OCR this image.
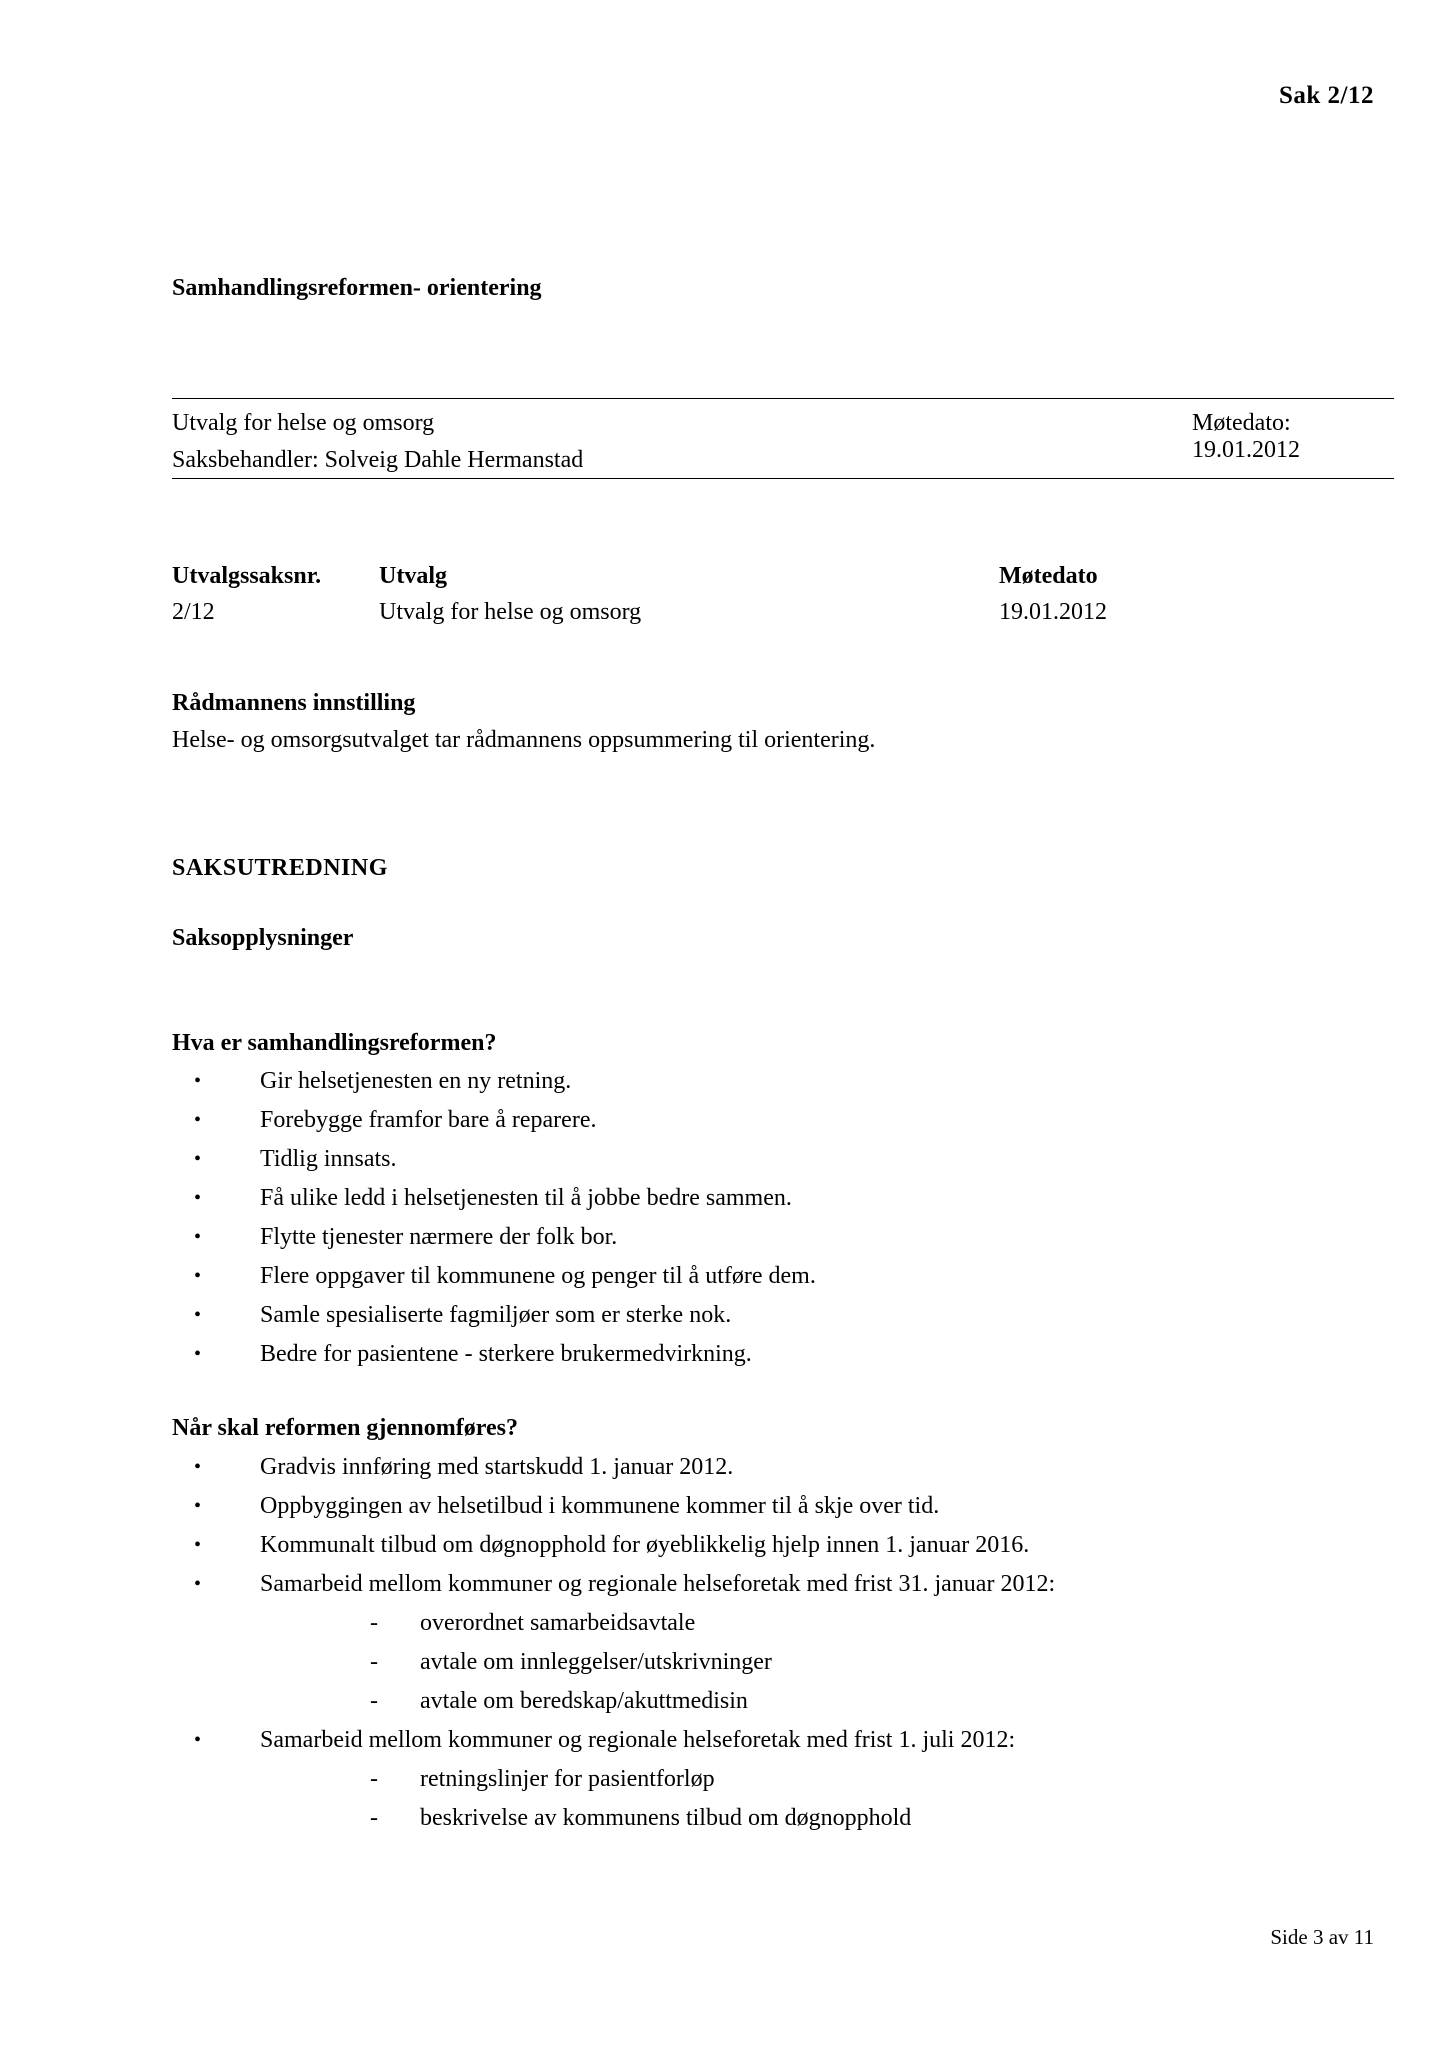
Sak 2/12
Samhandlingsreformen- orientering
Utvalg for helse og omsorg	Møtedato: 19.01.2012
Saksbehandler: Solveig Dahle Hermanstad
Utvalgssaksnr.	Utvalg	Møtedato
2/12	Utvalg for helse og omsorg	19.01.2012
Rådmannens innstilling
Helse- og omsorgsutvalget tar rådmannens oppsummering til orientering.
SAKSUTREDNING
Saksopplysninger
Hva er samhandlingsreformen?
• Gir helsetjenesten en ny retning.
• Forebygge framfor bare å reparere.
• Tidlig innsats.
• Få ulike ledd i helsetjenesten til å jobbe bedre sammen.
• Flytte tjenester nærmere der folk bor.
• Flere oppgaver til kommunene og penger til å utføre dem.
• Samle spesialiserte fagmiljøer som er sterke nok.
• Bedre for pasientene - sterkere brukermedvirkning.
Når skal reformen gjennomføres?
• Gradvis innføring med startskudd 1. januar 2012.
• Oppbyggingen av helsetilbud i kommunene kommer til å skje over tid.
• Kommunalt tilbud om døgnopphold for øyeblikkelig hjelp innen 1. januar 2016.
• Samarbeid mellom kommuner og regionale helseforetak med frist 31. januar 2012:
- overordnet samarbeidsavtale
- avtale om innleggelser/utskrivninger
- avtale om beredskap/akuttmedisin
• Samarbeid mellom kommuner og regionale helseforetak med frist 1. juli 2012:
- retningslinjer for pasientforløp
- beskrivelse av kommunens tilbud om døgnopphold
Side 3 av 11
